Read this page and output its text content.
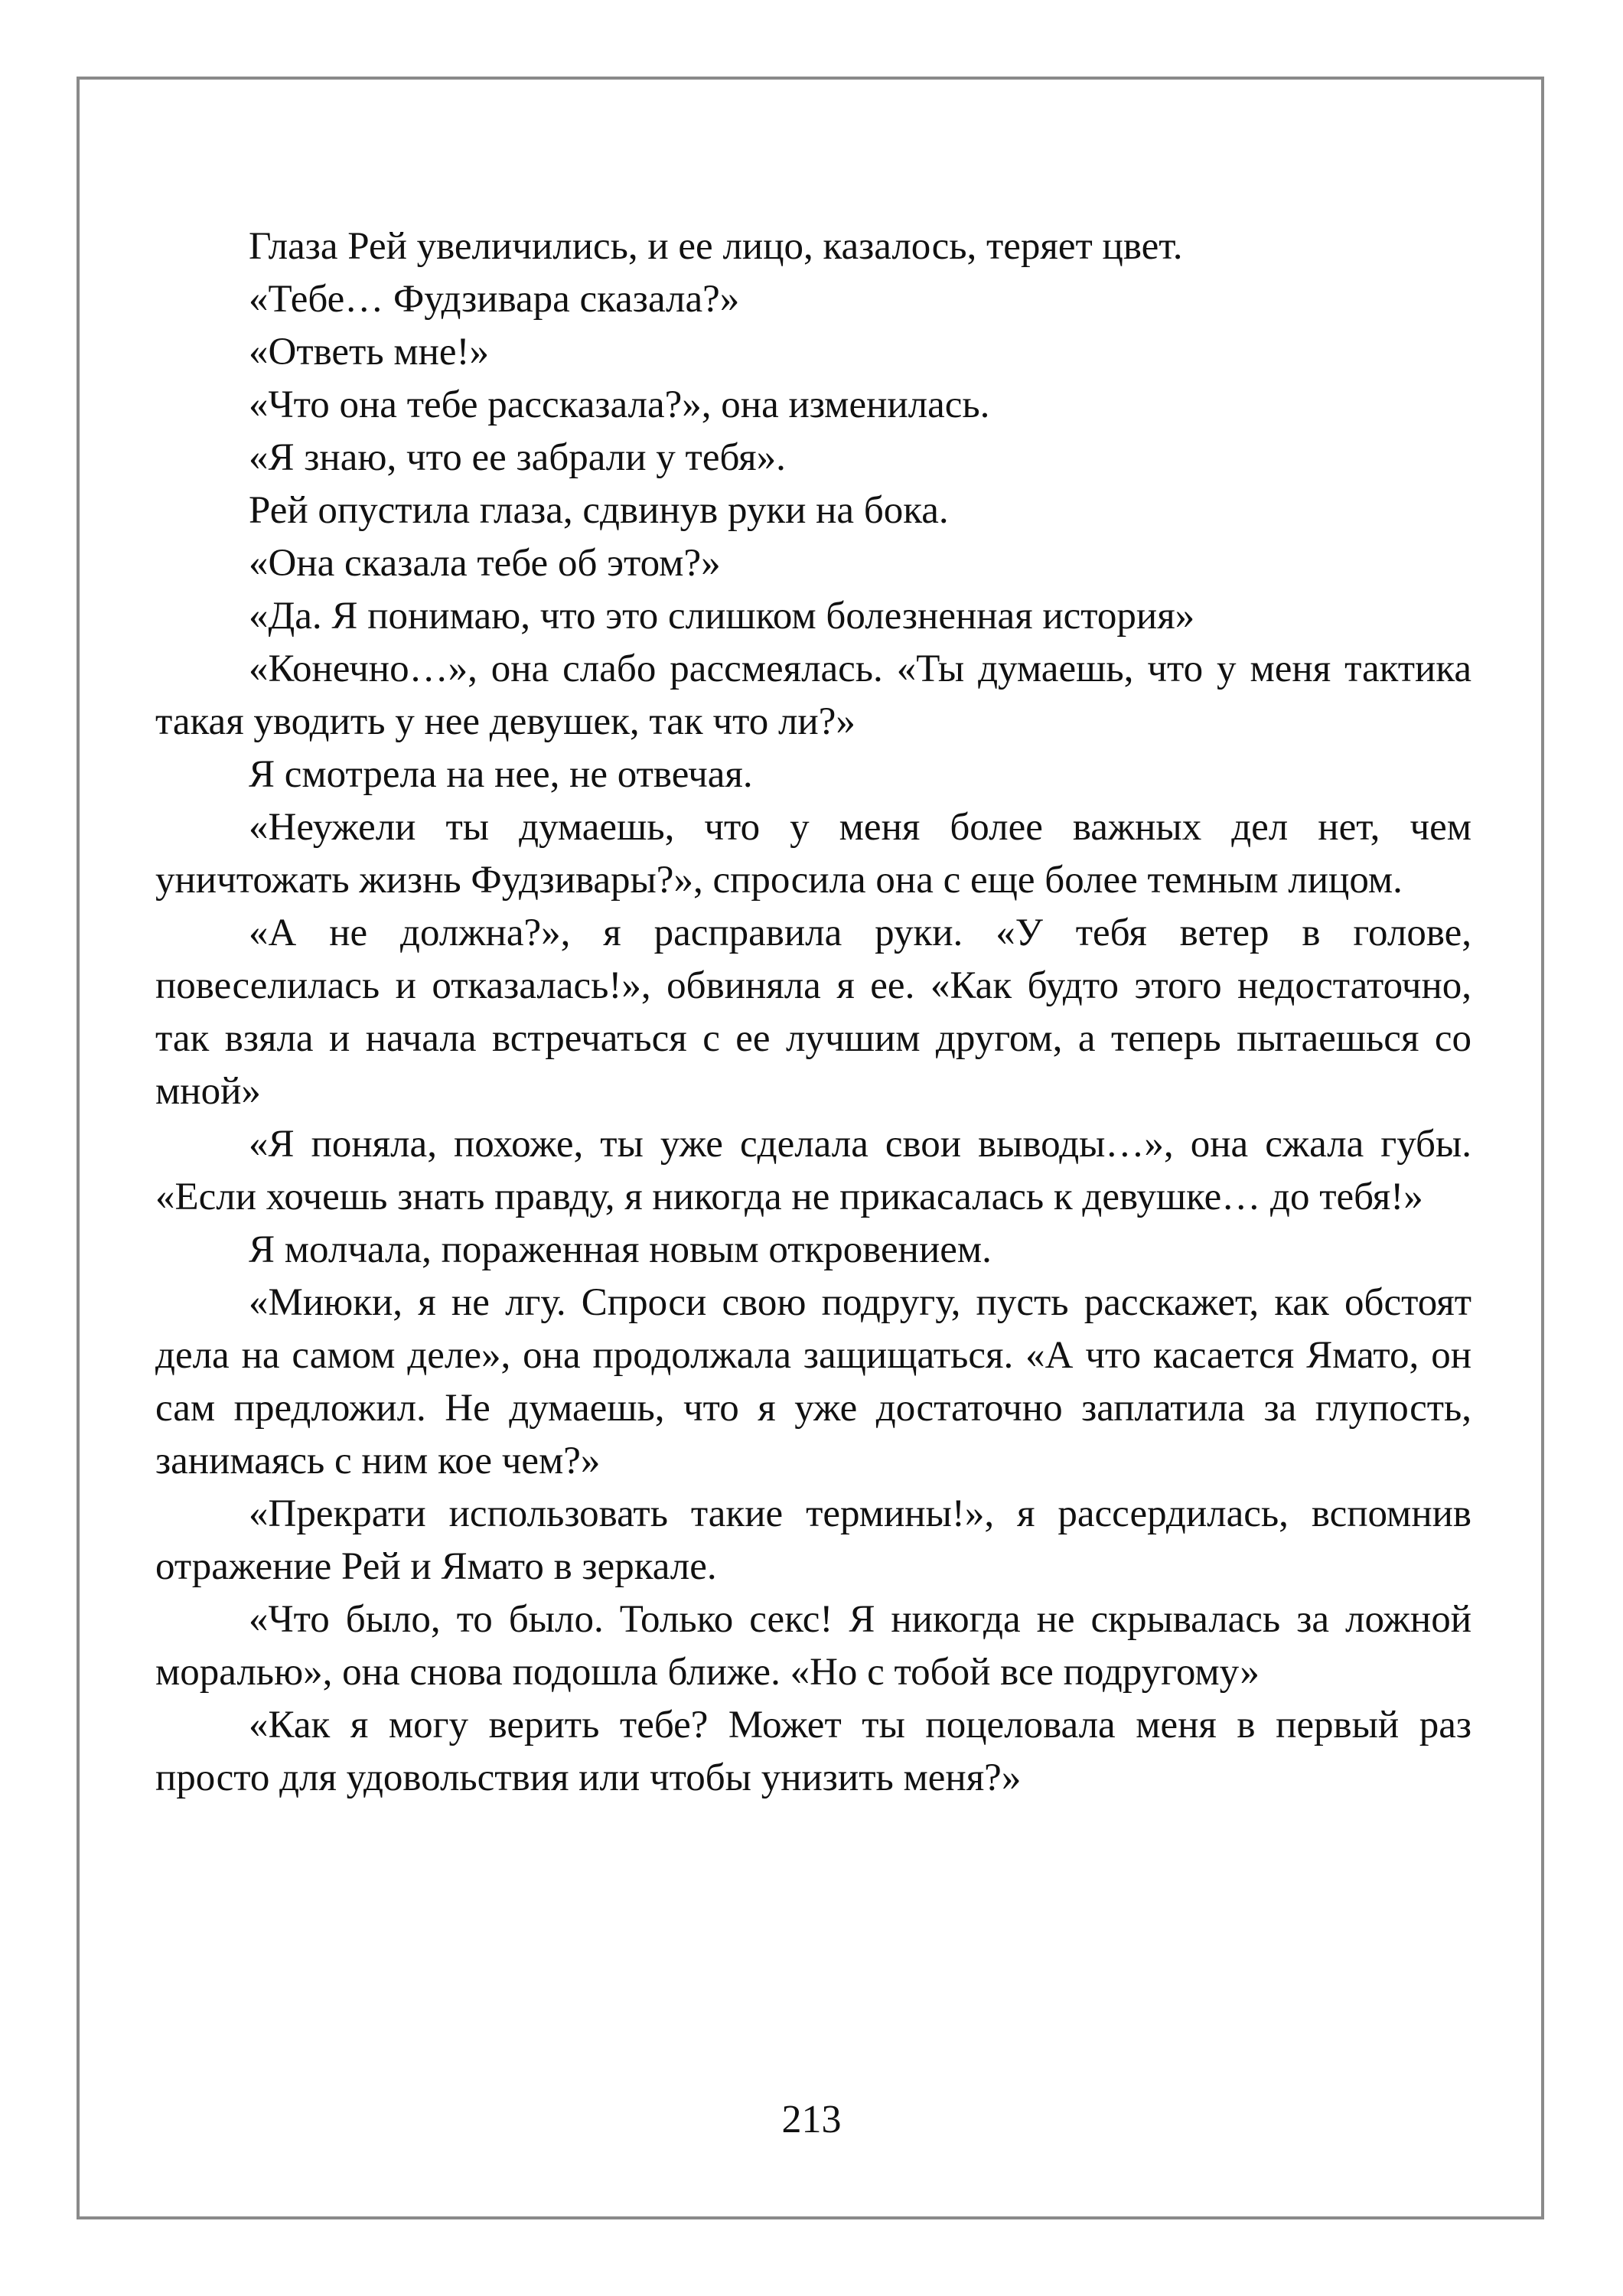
Глаза Рей увеличились, и ее лицо, казалось, теряет цвет.

«Тебе… Фудзивара сказала?»

«Ответь мне!»

«Что она тебе рассказала?», она изменилась.

«Я знаю, что ее забрали у тебя».

Рей опустила глаза, сдвинув руки на бока.

«Она сказала тебе об этом?»

«Да. Я понимаю, что это слишком болезненная история»

«Конечно…», она слабо рассмеялась. «Ты думаешь, что у меня тактика такая уводить у нее девушек, так что ли?»

Я смотрела на нее, не отвечая.

«Неужели ты думаешь, что у меня более важных дел нет, чем уничтожать жизнь Фудзивары?», спросила она с еще более темным лицом.

«А не должна?», я расправила руки. «У тебя ветер в голове, повеселилась и отказалась!», обвиняла я ее. «Как будто этого недостаточно, так взяла и начала встречаться с ее лучшим другом, а теперь пытаешься со мной»

«Я поняла, похоже, ты уже сделала свои выводы…», она сжала губы. «Если хочешь знать правду, я никогда не прикасалась к девушке… до тебя!»

Я молчала, пораженная новым откровением.

«Миюки, я не лгу. Спроси свою подругу, пусть расскажет, как обстоят дела на самом деле», она продолжала защищаться. «А что касается Ямато, он сам предложил. Не думаешь, что я уже достаточно заплатила за глупость, занимаясь с ним кое чем?»

«Прекрати использовать такие термины!», я рассердилась, вспомнив отражение Рей и Ямато в зеркале.

«Что было, то было. Только секс! Я никогда не скрывалась за ложной моралью», она снова подошла ближе. «Но с тобой все подругому»

«Как я могу верить тебе? Может ты поцеловала меня в первый раз просто для удовольствия или чтобы унизить меня?»

213
